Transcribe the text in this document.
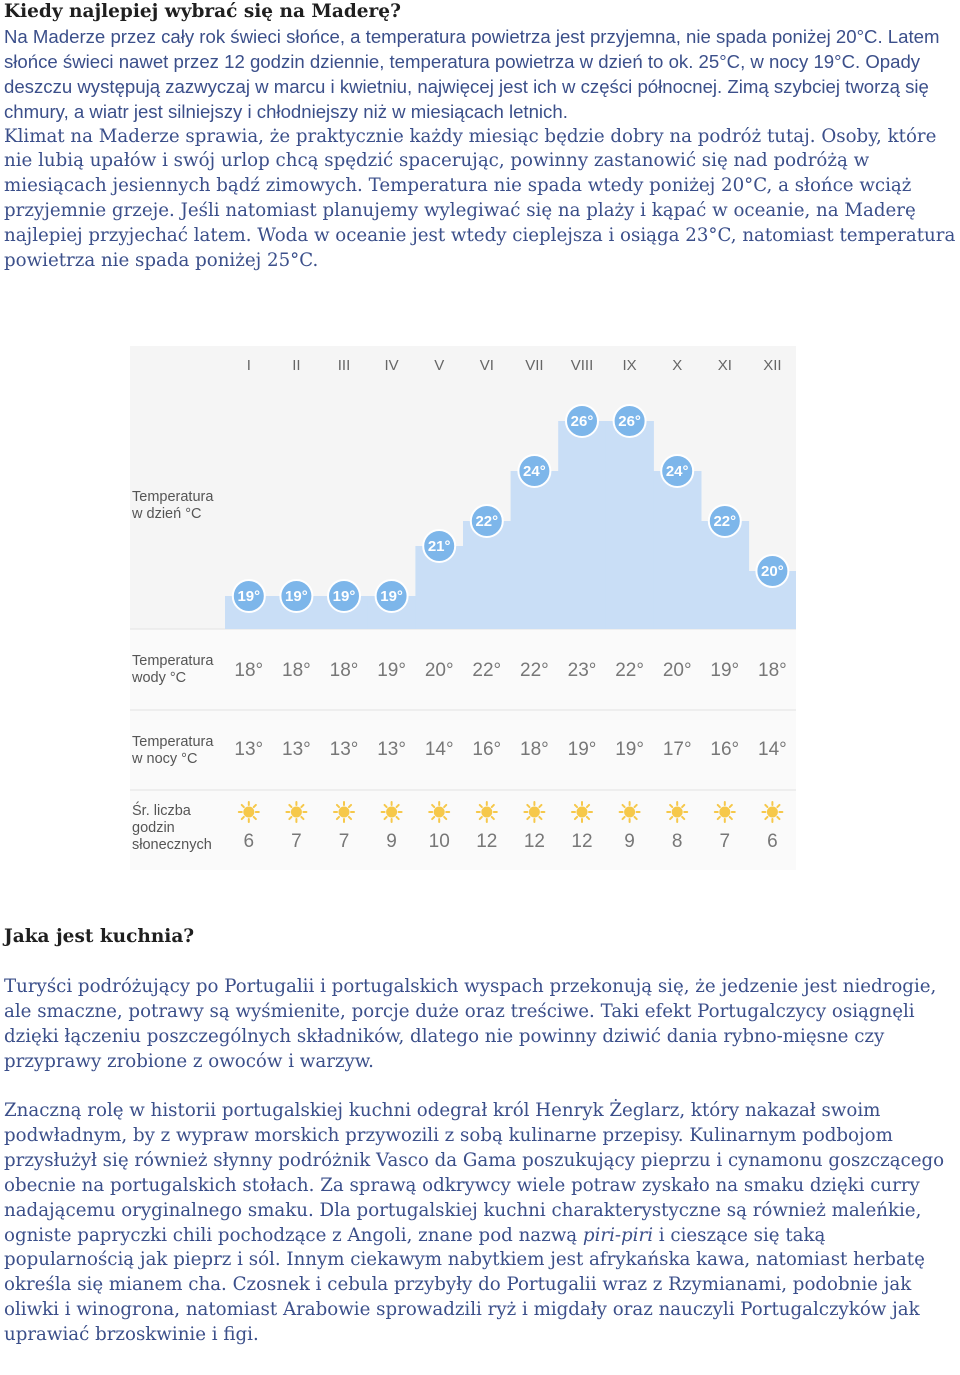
Kiedy najlepiej wybrać się na Maderę?

Na Maderze przez cały rok świeci słońce, a temperatura powietrza jest przyjemna, nie spada poniżej 20°C. Latem słońce świeci nawet przez 12 godzin dziennie, temperatura powietrza w dzień to ok. 25°C, w nocy 19°C. Opady deszczu występują zazwyczaj w marcu i kwietniu, najwięcej jest ich w części północnej. Zimą szybciej tworzą się chmury, a wiatr jest silniejszy i chłodniejszy niż w miesiącach letnich.

Klimat na Maderze sprawia, że praktycznie każdy miesiąc będzie dobry na podróż tutaj. Osoby, które nie lubią upałów i swój urlop chcą spędzić spacerując, powinny zastanowić się nad podróżą w miesiącach jesiennych bądź zimowych. Temperatura nie spada wtedy poniżej 20°C, a słońce wciąż przyjemnie grzeje. Jeśli natomiast planujemy wylegiwać się na plaży i kąpać w oceanie, na Maderę najlepiej przyjechać latem. Woda w oceanie jest wtedy cieplejsza i osiąga 23°C, natomiast temperatura powietrza nie spada poniżej 25°C.

19° 19° 19° 19°
21°
22°
24°
26° 26°
24°
22°
20°
I	II III IV V VI VII VIII IX X XI XII
Temperatura
w dzień °C
Temperatura
wody °C
Temperatura
w nocy °C
Śr. liczba
godzin
słonecznych
18° 18° 18° 19° 20° 22° 22° 23° 22° 20° 19° 18°
13° 13° 13° 13° 14° 16° 18° 19° 19° 17° 16° 14°
6 7 7 9 10 12 12 12 9 8 7 6
Jaka jest kuchnia?
Turyści podróżujący po Portugalii i portugalskich wyspach przekonują się, że jedzenie jest niedrogie, ale smaczne, potrawy są wyśmienite, porcje duże oraz treściwe. Taki efekt Portugalczycy osiągnęli dzięki łączeniu poszczególnych składników, dlatego nie powinny dziwić dania rybno-mięsne czy przyprawy zrobione z owoców i warzyw.
Znaczną rolę w historii portugalskiej kuchni odegrał król Henryk Żeglarz, który nakazał swoim podwładnym, by z wypraw morskich przywozili z sobą kulinarne przepisy. Kulinarnym podbojom przysłużył się również słynny podróżnik Vasco da Gama poszukujący pieprzu i cynamonu goszczącego obecnie na portugalskich stołach. Za sprawą odkrywcy wiele potraw zyskało na smaku dzięki curry nadającemu oryginalnego smaku. Dla portugalskiej kuchni charakterystyczne są również maleńkie, ogniste papryczki chili pochodzące z Angoli, znane pod nazwą piri-piri i cieszące się taką popularnością jak pieprz i sól. Innym ciekawym nabytkiem jest afrykańska kawa, natomiast herbatę określa się mianem cha. Czosnek i cebula przybyły do Portugalii wraz z Rzymianami, podobnie jak oliwki i winogrona, natomiast Arabowie sprowadzili ryż i migdały oraz nauczyli Portugalczyków jak uprawiać brzoskwinie i figi.
